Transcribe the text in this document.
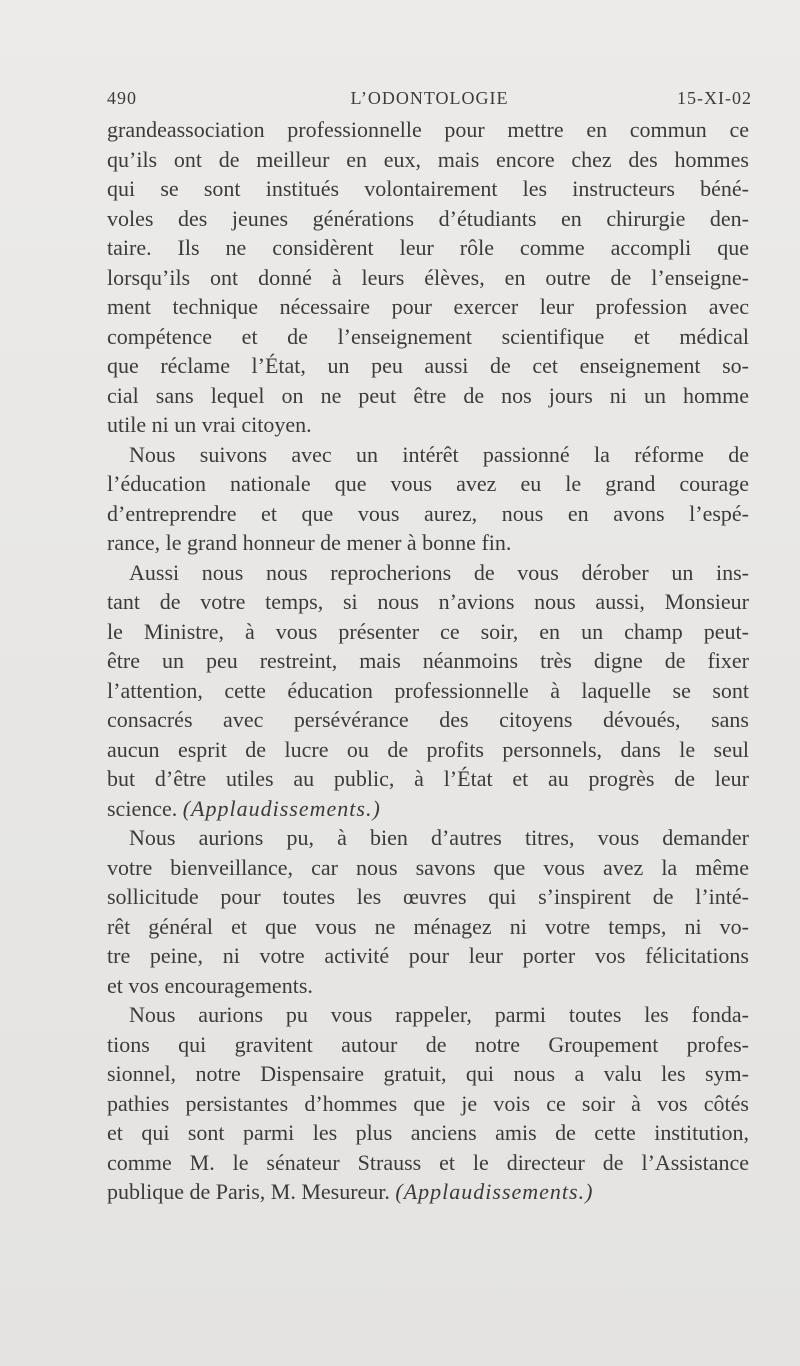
490	L’ODONTOLOGIE	15-XI-02
grandeassociation professionnelle pour mettre en commun ce
qu’ils ont de meilleur en eux, mais encore chez des hommes
qui se sont institués volontairement les instructeurs béné-
voles des jeunes générations d’étudiants en chirurgie den-
taire. Ils ne considèrent leur rôle comme accompli que
lorsqu’ils ont donné à leurs élèves, en outre de l’enseigne-
ment technique nécessaire pour exercer leur profession avec
compétence et de l’enseignement scientifique et médical
que réclame l’État, un peu aussi de cet enseignement so-
cial sans lequel on ne peut être de nos jours ni un homme
utile ni un vrai citoyen.
Nous suivons avec un intérêt passionné la réforme de
l’éducation nationale que vous avez eu le grand courage
d’entreprendre et que vous aurez, nous en avons l’espé-
rance, le grand honneur de mener à bonne fin.
Aussi nous nous reprocherions de vous dérober un ins-
tant de votre temps, si nous n’avions nous aussi, Monsieur
le Ministre, à vous présenter ce soir, en un champ peut-
être un peu restreint, mais néanmoins très digne de fixer
l’attention, cette éducation professionnelle à laquelle se sont
consacrés avec persévérance des citoyens dévoués, sans
aucun esprit de lucre ou de profits personnels, dans le seul
but d’être utiles au public, à l’État et au progrès de leur
science. (Applaudissements.)
Nous aurions pu, à bien d’autres titres, vous demander
votre bienveillance, car nous savons que vous avez la même
sollicitude pour toutes les œuvres qui s’inspirent de l’inté-
rêt général et que vous ne ménagez ni votre temps, ni vo-
tre peine, ni votre activité pour leur porter vos félicitations
et vos encouragements.
Nous aurions pu vous rappeler, parmi toutes les fonda-
tions qui gravitent autour de notre Groupement profes-
sionnel, notre Dispensaire gratuit, qui nous a valu les sym-
pathies persistantes d’hommes que je vois ce soir à vos côtés
et qui sont parmi les plus anciens amis de cette institution,
comme M. le sénateur Strauss et le directeur de l’Assistance
publique de Paris, M. Mesureur. (Applaudissements.)
